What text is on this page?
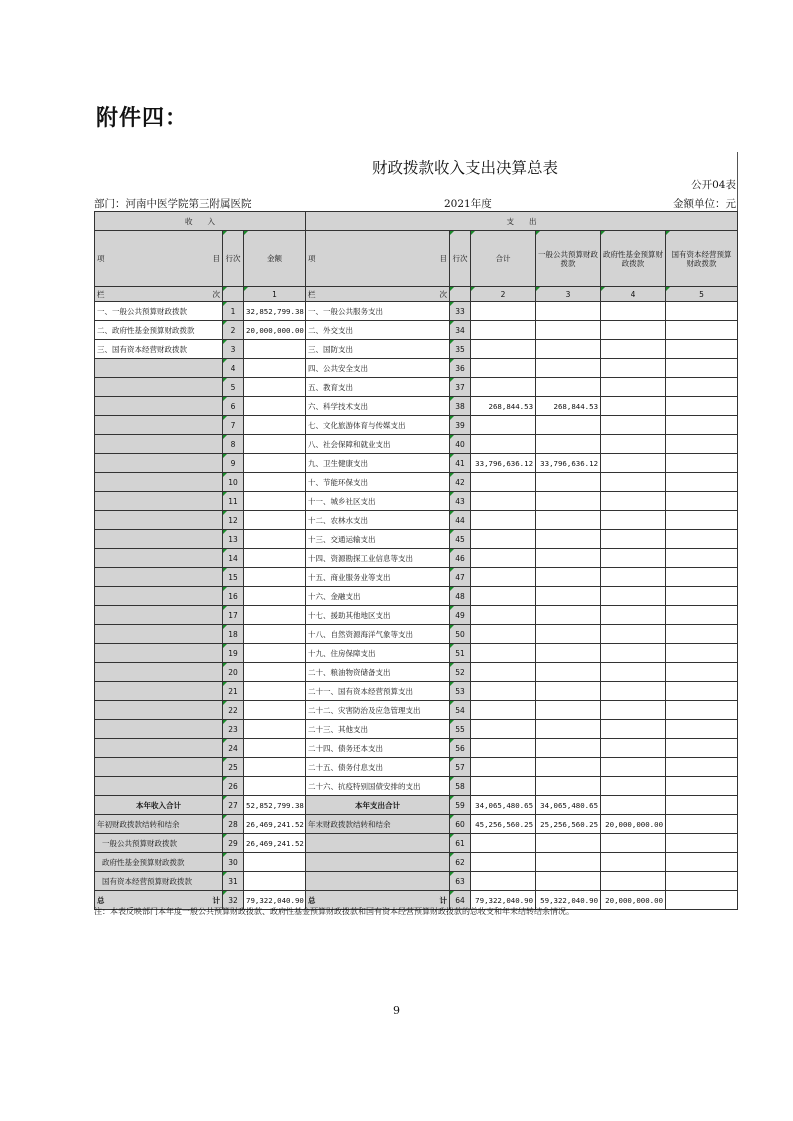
附件四：
财政拨款收入支出决算总表
公开04表
部门：河南中医学院第三附属医院	2021年度	金额单位：元
收　　入			支　　出					

项 目	行次	金额	项 目	行次	合计	一般公共预算财政拨款	政府性基金预算财政拨款	国有资本经营预算财政拨款

栏 次		1	栏 次		2	3	4	5
一、一般公共预算财政拨款	1	32,852,799.38	一、一般公共服务支出	33				
二、政府性基金预算财政拨款	2	20,000,000.00	二、外交支出	34				
三、国有资本经营财政拨款	3		三、国防支出	35				
	4		四、公共安全支出	36				
	5		五、教育支出	37				
	6		六、科学技术支出	38	268,844.53	268,844.53		
	7		七、文化旅游体育与传媒支出	39				
	8		八、社会保障和就业支出	40				
	9		九、卫生健康支出	41	33,796,636.12	33,796,636.12		
	10		十、节能环保支出	42				
	11		十一、城乡社区支出	43				
	12		十二、农林水支出	44				
	13		十三、交通运输支出	45				
	14		十四、资源勘探工业信息等支出	46				
	15		十五、商业服务业等支出	47				
	16		十六、金融支出	48				
	17		十七、援助其他地区支出	49				
	18		十八、自然资源海洋气象等支出	50				
	19		十九、住房保障支出	51				
	20		二十、粮油物资储备支出	52				
	21		二十一、国有资本经营预算支出	53				
	22		二十二、灾害防治及应急管理支出	54				
	23		二十三、其他支出	55				
	24		二十四、债务还本支出	56				
	25		二十五、债务付息支出	57				
	26		二十六、抗疫特别国债安排的支出	58				
本年收入合计	27	52,852,799.38	本年支出合计	59	34,065,480.65	34,065,480.65		
年初财政拨款结转和结余	28	26,469,241.52	年末财政拨款结转和结余	60	45,256,560.25	25,256,560.25	20,000,000.00	
一般公共预算财政拨款	29	26,469,241.52		61				
政府性基金预算财政拨款	30			62				
国有资本经营预算财政拨款	31			63				

总 计	32	79,322,040.90	总 计	64	79,322,040.90	59,322,040.90	20,000,000.00	
注：本表反映部门本年度一般公共预算财政拨款、政府性基金预算财政拨款和国有资本经营预算财政拨款的总收支和年末结转结余情况。
9
